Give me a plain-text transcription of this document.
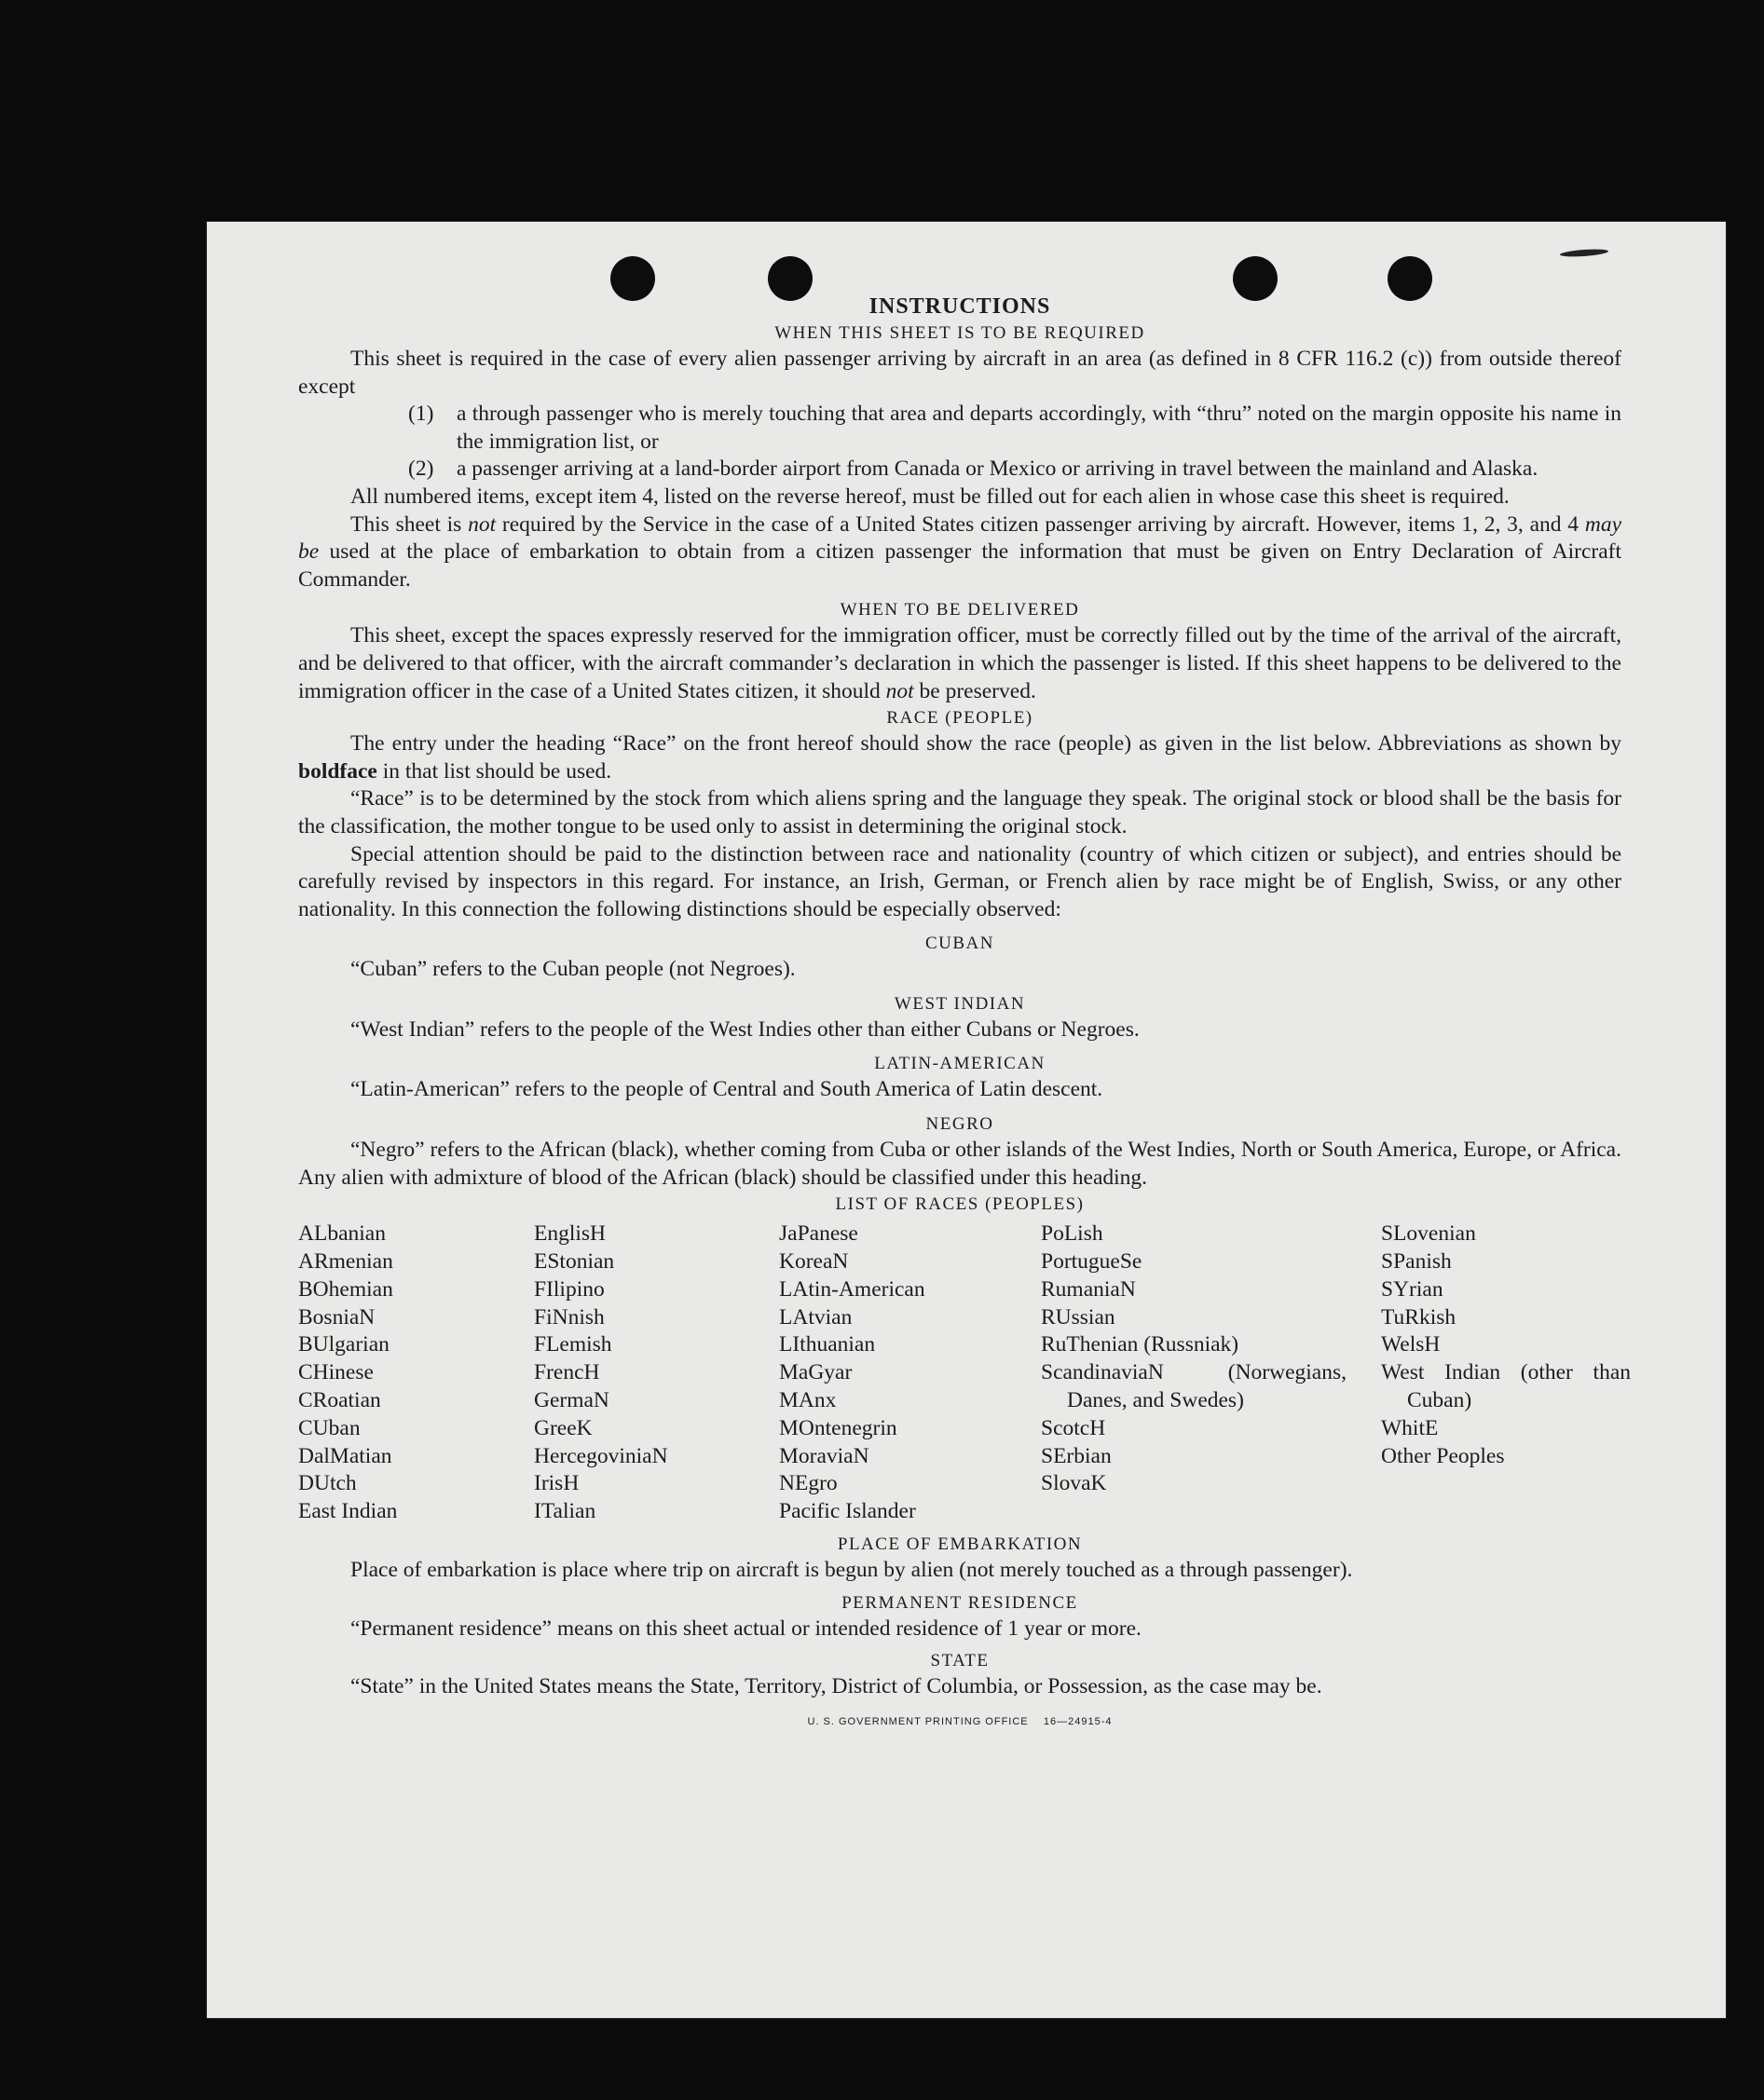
INSTRUCTIONS
WHEN THIS SHEET IS TO BE REQUIRED

This sheet is required in the case of every alien passenger arriving by aircraft in an area (as defined in 8 CFR 116.2 (c)) from outside thereof except

(1)	a through passenger who is merely touching that area and departs accordingly, with “thru” noted on the margin opposite his name in the immigration list, or
(2)	a passenger arriving at a land-border airport from Canada or Mexico or arriving in travel between the mainland and Alaska.

All numbered items, except item 4, listed on the reverse hereof, must be filled out for each alien in whose case this sheet is required.

This sheet is not required by the Service in the case of a United States citizen passenger arriving by aircraft. However, items 1, 2, 3, and 4 may be used at the place of embarkation to obtain from a citizen passenger the information that must be given on Entry Declaration of Aircraft Commander.

WHEN TO BE DELIVERED

This sheet, except the spaces expressly reserved for the immigration officer, must be correctly filled out by the time of the arrival of the aircraft, and be delivered to that officer, with the aircraft commander’s declaration in which the passenger is listed. If this sheet happens to be delivered to the immigration officer in the case of a United States citizen, it should not be preserved.

RACE (PEOPLE)

The entry under the heading “Race” on the front hereof should show the race (people) as given in the list below. Abbreviations as shown by boldface in that list should be used.

“Race” is to be determined by the stock from which aliens spring and the language they speak. The original stock or blood shall be the basis for the classification, the mother tongue to be used only to assist in determining the original stock.

Special attention should be paid to the distinction between race and nationality (country of which citizen or subject), and entries should be carefully revised by inspectors in this regard. For instance, an Irish, German, or French alien by race might be of English, Swiss, or any other nationality. In this connection the following distinctions should be especially observed:

CUBAN

“Cuban” refers to the Cuban people (not Negroes).

WEST INDIAN

“West Indian” refers to the people of the West Indies other than either Cubans or Negroes.

LATIN-AMERICAN

“Latin-American” refers to the people of Central and South America of Latin descent.

NEGRO

“Negro” refers to the African (black), whether coming from Cuba or other islands of the West Indies, North or South America, Europe, or Africa. Any alien with admixture of blood of the African (black) should be classified under this heading.

LIST OF RACES (PEOPLES)
ALbanian
ARmenian
BOhemian
BosniaN
BUlgarian
CHinese
CRoatian
CUban
DalMatian
DUtch
East Indian
EnglisH
EStonian
FIlipino
FiNnish
FLemish
FrencH
GermaN
GreeK
HercegoviniaN
IrisH
ITalian
JaPanese
KoreaN
LAtin-American
LAtvian
LIthuanian
MaGyar
MAnx
MOntenegrin
MoraviaN
NEgro
Pacific Islander
PoLish
PortugueSe
RumaniaN
RUssian
RuThenian (Russniak)
ScandinaviaN (Norwegians, Danes, and Swedes)
ScotcH
SErbian
SlovaK
SLovenian
SPanish
SYrian
TuRkish
WelsH
West Indian (other than Cuban)
WhitE
Other Peoples
PLACE OF EMBARKATION

Place of embarkation is place where trip on aircraft is begun by alien (not merely touched as a through passenger).

PERMANENT RESIDENCE

“Permanent residence” means on this sheet actual or intended residence of 1 year or more.

STATE

“State” in the United States means the State, Territory, District of Columbia, or Possession, as the case may be.

U. S. GOVERNMENT PRINTING OFFICE    16—24915-4
